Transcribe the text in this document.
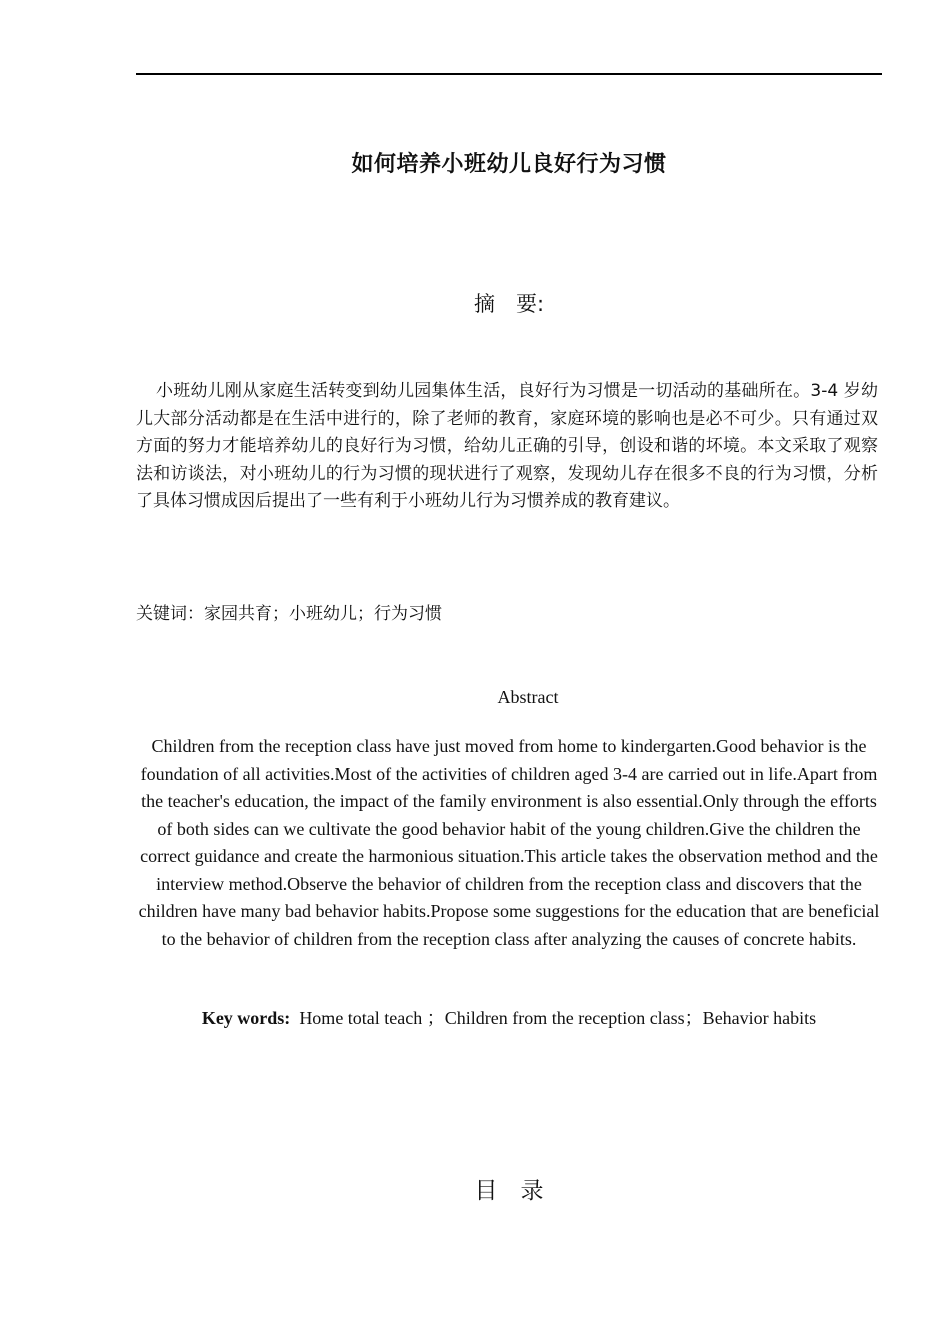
如何培养小班幼儿良好行为习惯
摘　要:
小班幼儿刚从家庭生活转变到幼儿园集体生活，良好行为习惯是一切活动的基础所在。3-4 岁幼儿大部分活动都是在生活中进行的，除了老师的教育，家庭环境的影响也是必不可少。只有通过双方面的努力才能培养幼儿的良好行为习惯，给幼儿正确的引导，创设和谐的坏境。本文采取了观察法和访谈法，对小班幼儿的行为习惯的现状进行了观察，发现幼儿存在很多不良的行为习惯，分析了具体习惯成因后提出了一些有利于小班幼儿行为习惯养成的教育建议。
关键词：家园共育；小班幼儿；行为习惯
Abstract
Children from the reception class have just moved from home to kindergarten.Good behavior is the foundation of all activities.Most of the activities of children aged 3-4 are carried out in life.Apart from the teacher's education, the impact of the family environment is also essential.Only through the efforts of both sides can we cultivate the good behavior habit of the young children.Give the children the correct guidance and create the harmonious situation.This article takes the observation method and the interview method.Observe the behavior of children from the reception class and discovers that the children have many bad behavior habits.Propose some suggestions for the education that are beneficial to the behavior of children from the reception class after analyzing the causes of concrete habits.
Key words: Home total teach ；Children from the reception class；Behavior habits
目　录
